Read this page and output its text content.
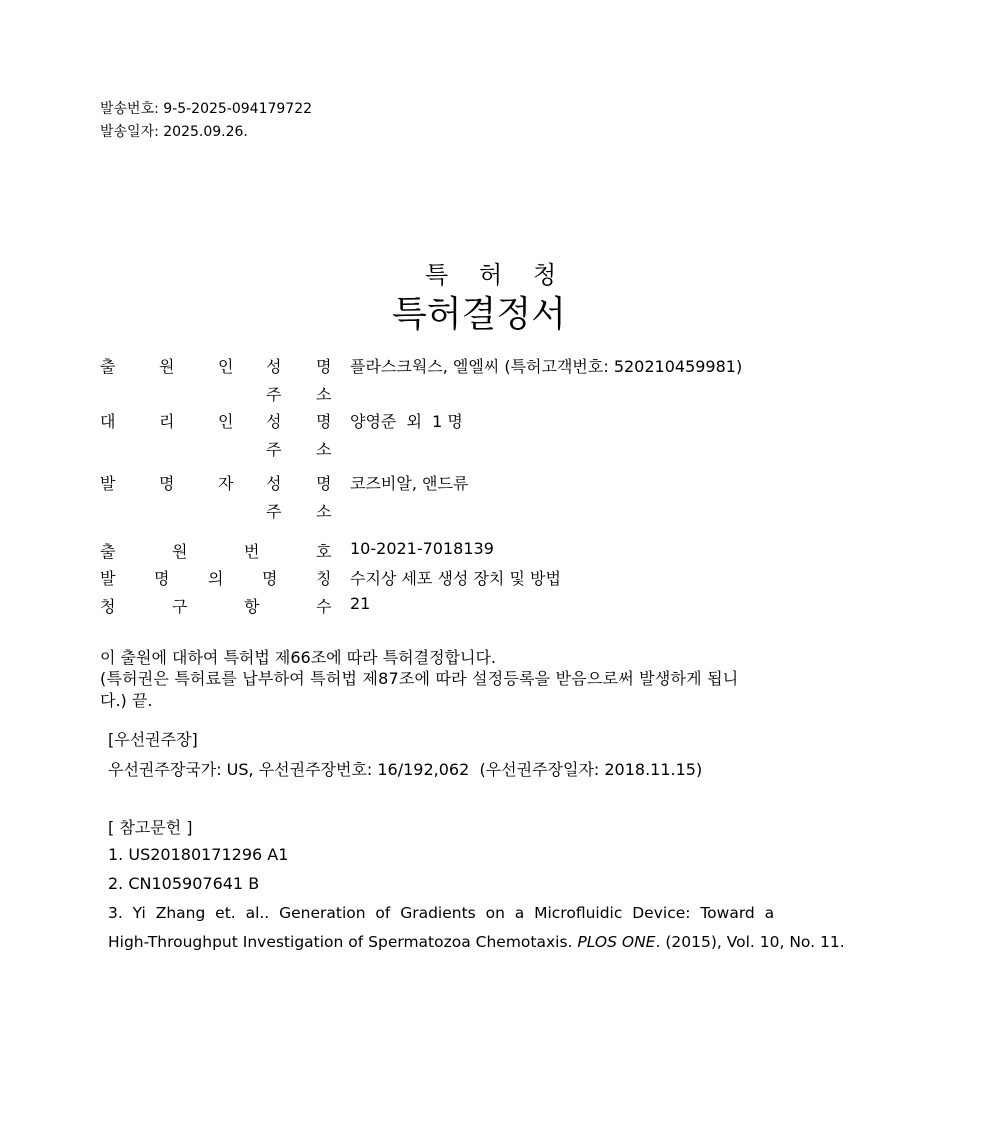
발송번호: 9-5-2025-094179722
발송일자: 2025.09.26.
특 허 청
특허결정서
출	원	인 성 명 플라스크웍스, 엘엘씨 (특허고객번호: 520210459981)
주 소
대	리	인 성 명 양영준  외  1 명
주 소
발	명	자 성 명 코즈비알, 앤드류
주 소
출	원	번	호 10-2021-7018139
발 명 의 명 칭 수지상 세포 생성 장치 및 방법
청	구	항	수 21
이 출원에 대하여 특허법 제66조에 따라 특허결정합니다.
(특허권은 특허료를 납부하여 특허법 제87조에 따라 설정등록을 받음으로써 발생하게 됩니
다.) 끝.
[우선권주장]
우선권주장국가: US, 우선권주장번호: 16/192,062  (우선권주장일자: 2018.11.15)
[ 참고문헌 ]
1. US20180171296 A1
2. CN105907641 B
3.  Yi  Zhang  et.  al..  Generation  of  Gradients  on  a  Microfluidic  Device:  Toward  a
High-Throughput Investigation of Spermatozoa Chemotaxis. PLOS ONE. (2015), Vol. 10, No. 11.
